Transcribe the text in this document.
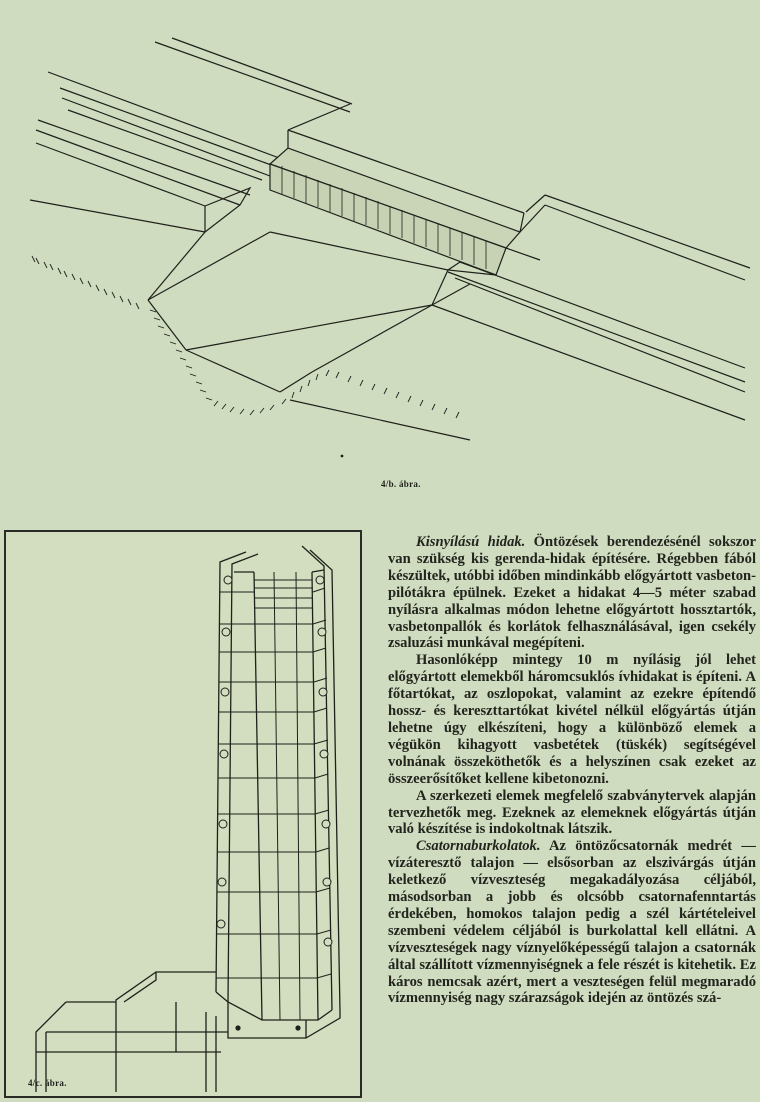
4/b. ábra.
4/c. ábra.

Kisnyílású hidak. Öntözések berendezésénél sokszor van szükség kis gerenda-hidak építésére. Régebben fából készültek, utóbbi időben mindinkább előgyártott vasbeton-pilótákra épülnek. Ezeket a hidakat 4—5 méter szabad nyílásra alkalmas módon lehetne előgyártott hossztartók, vasbetonpallók és korlátok felhasználásával, igen csekély zsaluzási munkával megépíteni.

Hasonlóképp mintegy 10 m nyílásig jól lehet előgyártott elemekből háromcsuklós ívhidakat is építeni. A főtartókat, az oszlopokat, valamint az ezekre építendő hossz- és kereszttartókat kivétel nélkül előgyártás útján lehetne úgy elkészíteni, hogy a különböző elemek a végükön kihagyott vasbetétek (tüskék) segítségével volnának összeköthetők és a helyszínen csak ezeket az összeerősítőket kellene kibetonozni.

A szerkezeti elemek megfelelő szabványtervek alapján tervezhetők meg. Ezeknek az elemeknek előgyártás útján való készítése is indokoltnak látszik.

Csatornaburkolatok. Az öntözőcsatornák medrét — vízáteresztő talajon — elsősorban az elszivárgás útján keletkező vízveszteség megakadályozása céljából, másodsorban a jobb és olcsóbb csatornafenntartás érdekében, homokos talajon pedig a szél kártételeivel szembeni védelem céljából is burkolattal kell ellátni. A vízveszteségek nagy víznyelőképességű talajon a csatornák által szállított vízmennyiségnek a fele részét is kitehetik. Ez káros nemcsak azért, mert a veszteségen felül megmaradó vízmennyiség nagy szárazságok idején az öntözés szá-
